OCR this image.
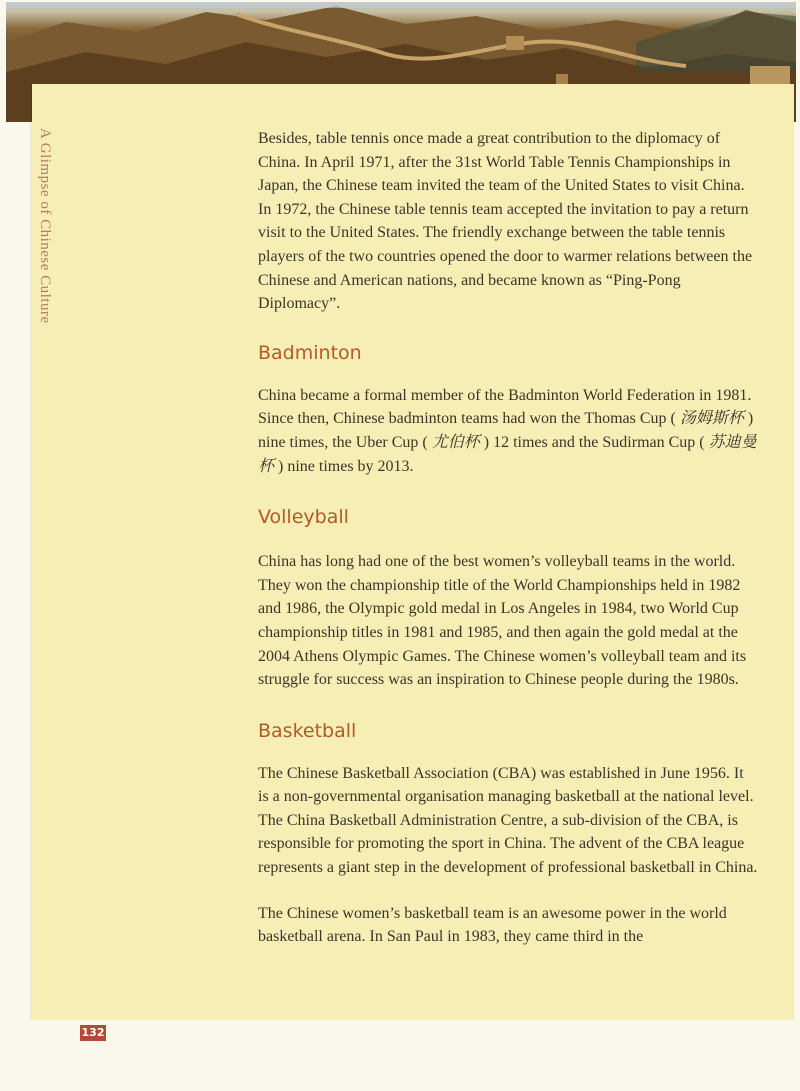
A Glimpse of Chinese Culture	Besides, table tennis once made a great contribution to the diplomacy of China. In April 1971, after the 31st World Table Tennis Championships in Japan, the Chinese team invited the team of the United States to visit China. In 1972, the Chinese table tennis team accepted the invitation to pay a return visit to the United States. The friendly exchange between the table tennis players of the two countries opened the door to warmer relations between the Chinese and American nations, and became known as “Ping-Pong Diplomacy”.

Badminton

China became a formal member of the Badminton World Federation in 1981. Since then, Chinese badminton teams had won the Thomas Cup ( 汤姆斯杯 ) nine times, the Uber Cup ( 尤伯杯 ) 12 times and the Sudirman Cup ( 苏迪曼杯 ) nine times by 2013.

Volleyball

China has long had one of the best women’s volleyball teams in the world. They won the championship title of the World Championships held in 1982 and 1986, the Olympic gold medal in Los Angeles in 1984, two World Cup championship titles in 1981 and 1985, and then again the gold medal at the 2004 Athens Olympic Games. The Chinese women’s volleyball team and its struggle for success was an inspiration to Chinese people during the 1980s.

Basketball

The Chinese Basketball Association (CBA) was established in June 1956. It is a non-governmental organisation managing basketball at the national level. The China Basketball Administration Centre, a sub-division of the CBA, is responsible for promoting the sport in China. The advent of the CBA league represents a giant step in the development of professional basketball in China.

The Chinese women’s basketball team is an awesome power in the world basketball arena. In San Paul in 1983, they came third in the

132
